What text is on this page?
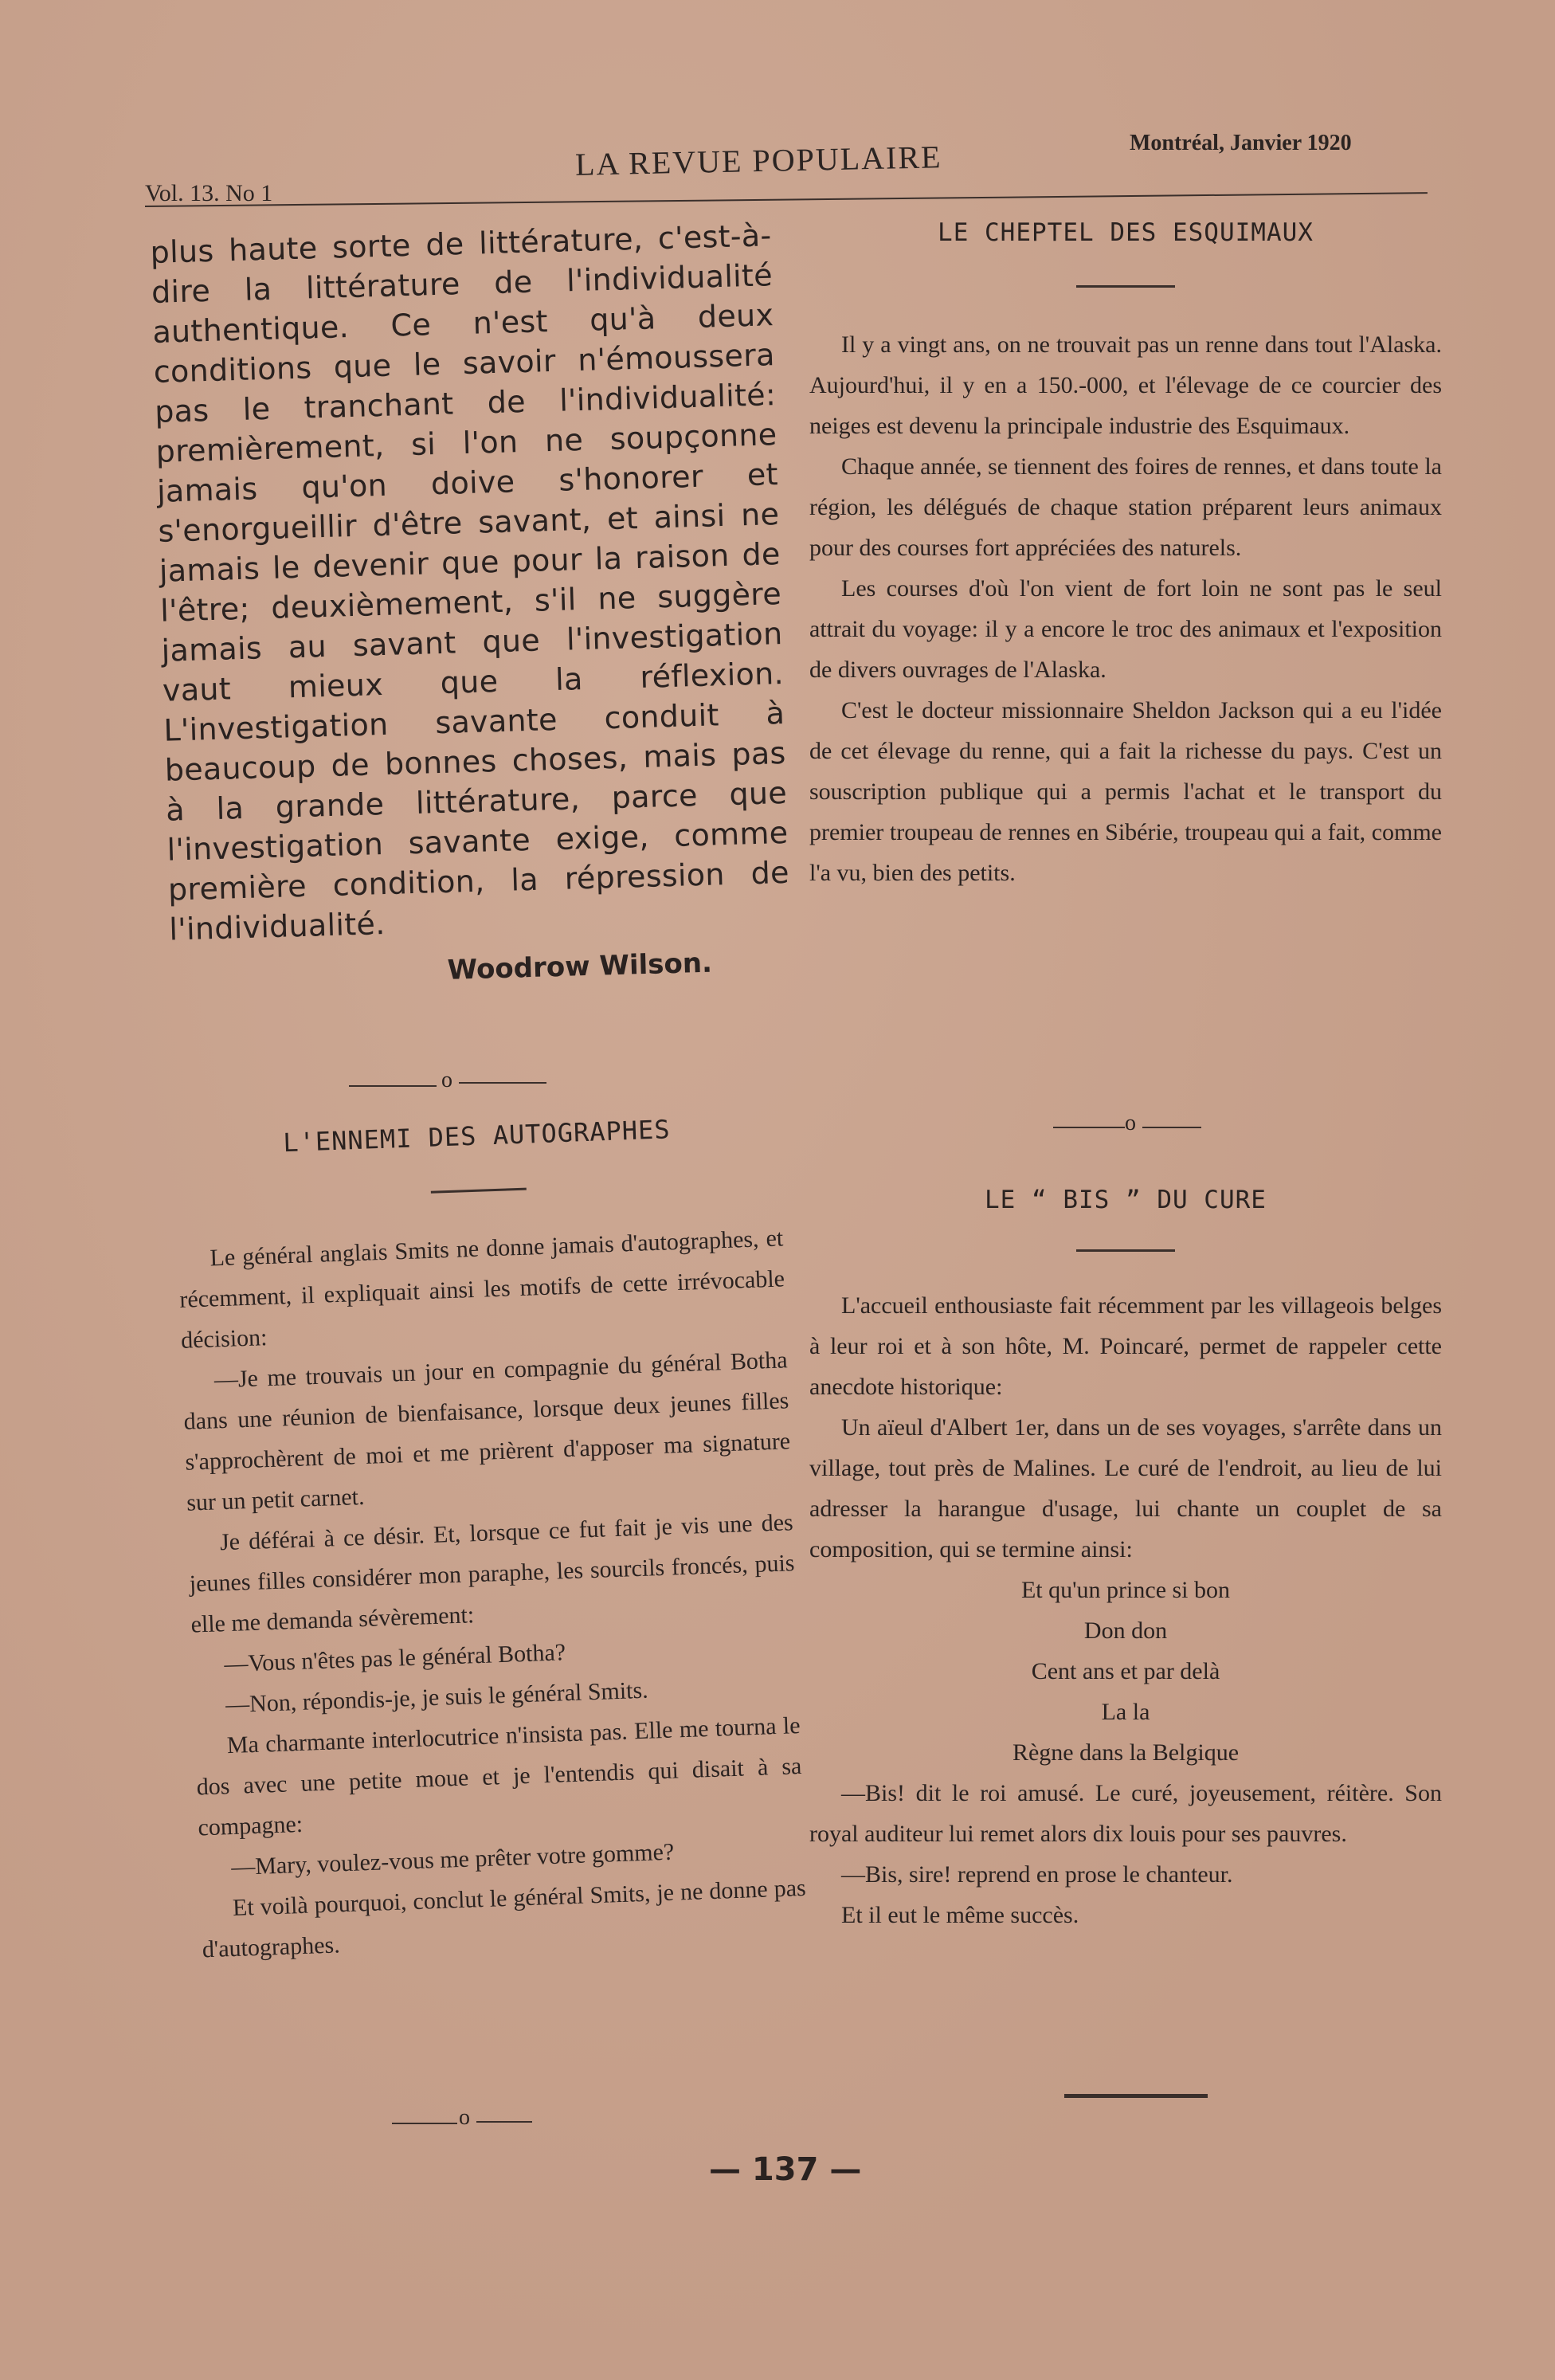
Vol. 13. No 1
LA REVUE POPULAIRE	Montréal, Janvier 1920

plus haute sorte de littérature, c'est-à-dire la littérature de l'individualité authentique. Ce n'est qu'à deux conditions que le savoir n'émoussera pas le tranchant de l'individualité: premièrement, si l'on ne soupçonne jamais qu'on doive s'honorer et s'enorgueillir d'être savant, et ainsi ne jamais le devenir que pour la raison de l'être; deuxièmement, s'il ne suggère jamais au savant que l'investigation vaut mieux que la réflexion. L'investigation savante conduit à beaucoup de bonnes choses, mais pas à la grande littérature, parce que l'investigation savante exige, comme première condition, la répression de l'individualité.

Woodrow Wilson.
o
L'ENNEMI DES AUTOGRAPHES

Le général anglais Smits ne donne jamais d'autographes, et récemment, il expliquait ainsi les motifs de cette irrévocable décision:

—Je me trouvais un jour en compagnie du général Botha dans une réunion de bienfaisance, lorsque deux jeunes filles s'approchèrent de moi et me prièrent d'apposer ma signature sur un petit carnet.

Je déférai à ce désir. Et, lorsque ce fut fait je vis une des jeunes filles considérer mon paraphe, les sourcils froncés, puis elle me demanda sévèrement:

—Vous n'êtes pas le général Botha?

—Non, répondis-je, je suis le général Smits.

Ma charmante interlocutrice n'insista pas. Elle me tourna le dos avec une petite moue et je l'entendis qui disait à sa compagne:

—Mary, voulez-vous me prêter votre gomme?

Et voilà pourquoi, conclut le général Smits, je ne donne pas d'autographes.

o
LE CHEPTEL DES ESQUIMAUX

Il y a vingt ans, on ne trouvait pas un renne dans tout l'Alaska. Aujourd'hui, il y en a 150.-000, et l'élevage de ce courcier des neiges est devenu la principale industrie des Esquimaux.

Chaque année, se tiennent des foires de rennes, et dans toute la région, les délégués de chaque station préparent leurs animaux pour des courses fort appréciées des naturels.

Les courses d'où l'on vient de fort loin ne sont pas le seul attrait du voyage: il y a encore le troc des animaux et l'exposition de divers ouvrages de l'Alaska.

C'est le docteur missionnaire Sheldon Jackson qui a eu l'idée de cet élevage du renne, qui a fait la richesse du pays. C'est un souscription publique qui a permis l'achat et le transport du premier troupeau de rennes en Sibérie, troupeau qui a fait, comme l'a vu, bien des petits.

o
LE “ BIS ” DU CURE

L'accueil enthousiaste fait récemment par les villageois belges à leur roi et à son hôte, M. Poincaré, permet de rappeler cette anecdote historique:

Un aïeul d'Albert 1er, dans un de ses voyages, s'arrête dans un village, tout près de Malines. Le curé de l'endroit, au lieu de lui adresser la harangue d'usage, lui chante un couplet de sa composition, qui se termine ainsi:

Et qu'un prince si bon

Don don

Cent ans et par delà

La la

Règne dans la Belgique

—Bis! dit le roi amusé. Le curé, joyeusement, réitère. Son royal auditeur lui remet alors dix louis pour ses pauvres.

—Bis, sire! reprend en prose le chanteur.

Et il eut le même succès.

— 137 —
